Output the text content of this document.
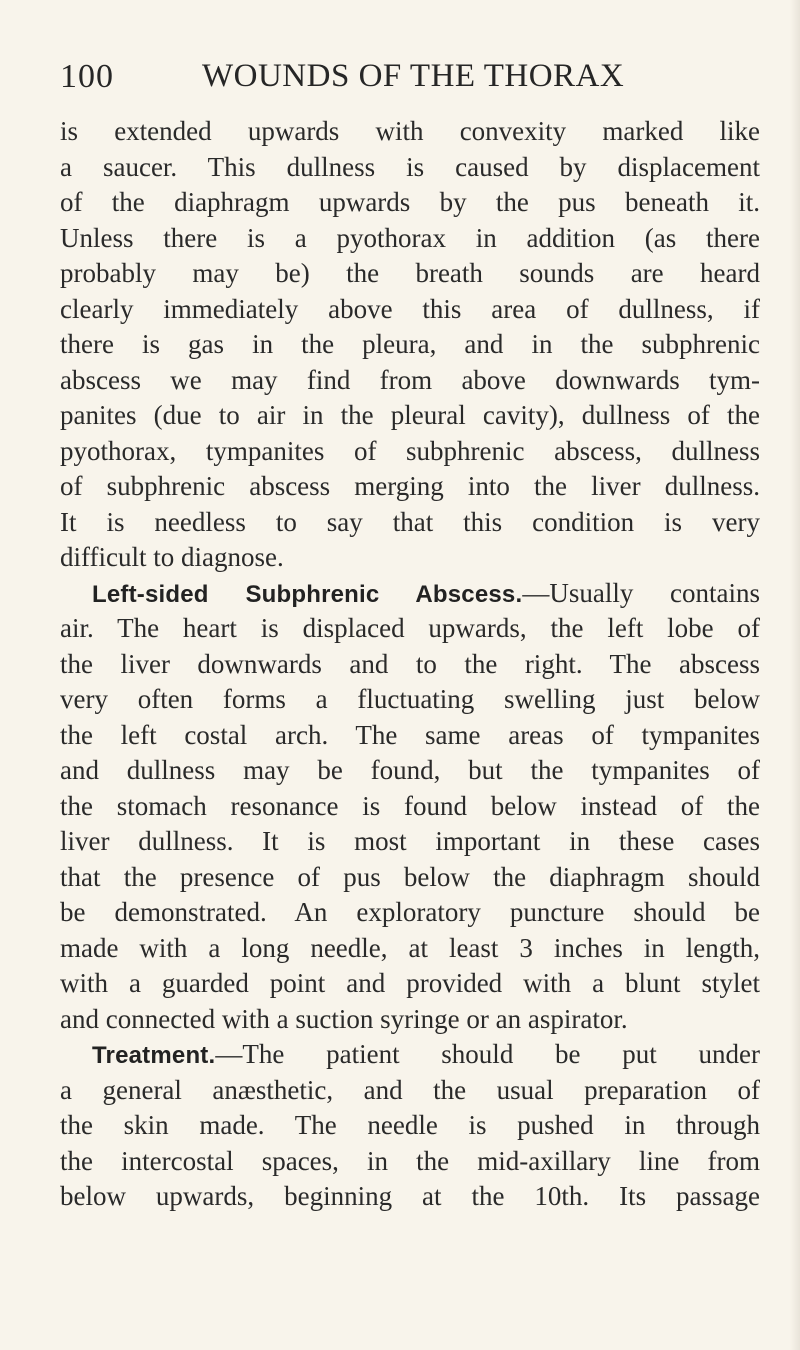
100	WOUNDS OF THE THORAX
is extended upwards with convexity marked like
a saucer. This dullness is caused by displacement
of the diaphragm upwards by the pus beneath it.
Unless there is a pyothorax in addition (as there
probably may be) the breath sounds are heard
clearly immediately above this area of dullness, if
there is gas in the pleura, and in the subphrenic
abscess we may find from above downwards tym-
panites (due to air in the pleural cavity), dullness of the
pyothorax, tympanites of subphrenic abscess, dullness
of subphrenic abscess merging into the liver dullness.
It is needless to say that this condition is very
difficult to diagnose.
Left-sided Subphrenic Abscess.—Usually contains
air. The heart is displaced upwards, the left lobe of
the liver downwards and to the right. The abscess
very often forms a fluctuating swelling just below
the left costal arch. The same areas of tympanites
and dullness may be found, but the tympanites of
the stomach resonance is found below instead of the
liver dullness. It is most important in these cases
that the presence of pus below the diaphragm should
be demonstrated. An exploratory puncture should be
made with a long needle, at least 3 inches in length,
with a guarded point and provided with a blunt stylet
and connected with a suction syringe or an aspirator.
Treatment.—The patient should be put under
a general anæsthetic, and the usual preparation of
the skin made. The needle is pushed in through
the intercostal spaces, in the mid-axillary line from
below upwards, beginning at the 10th. Its passage
